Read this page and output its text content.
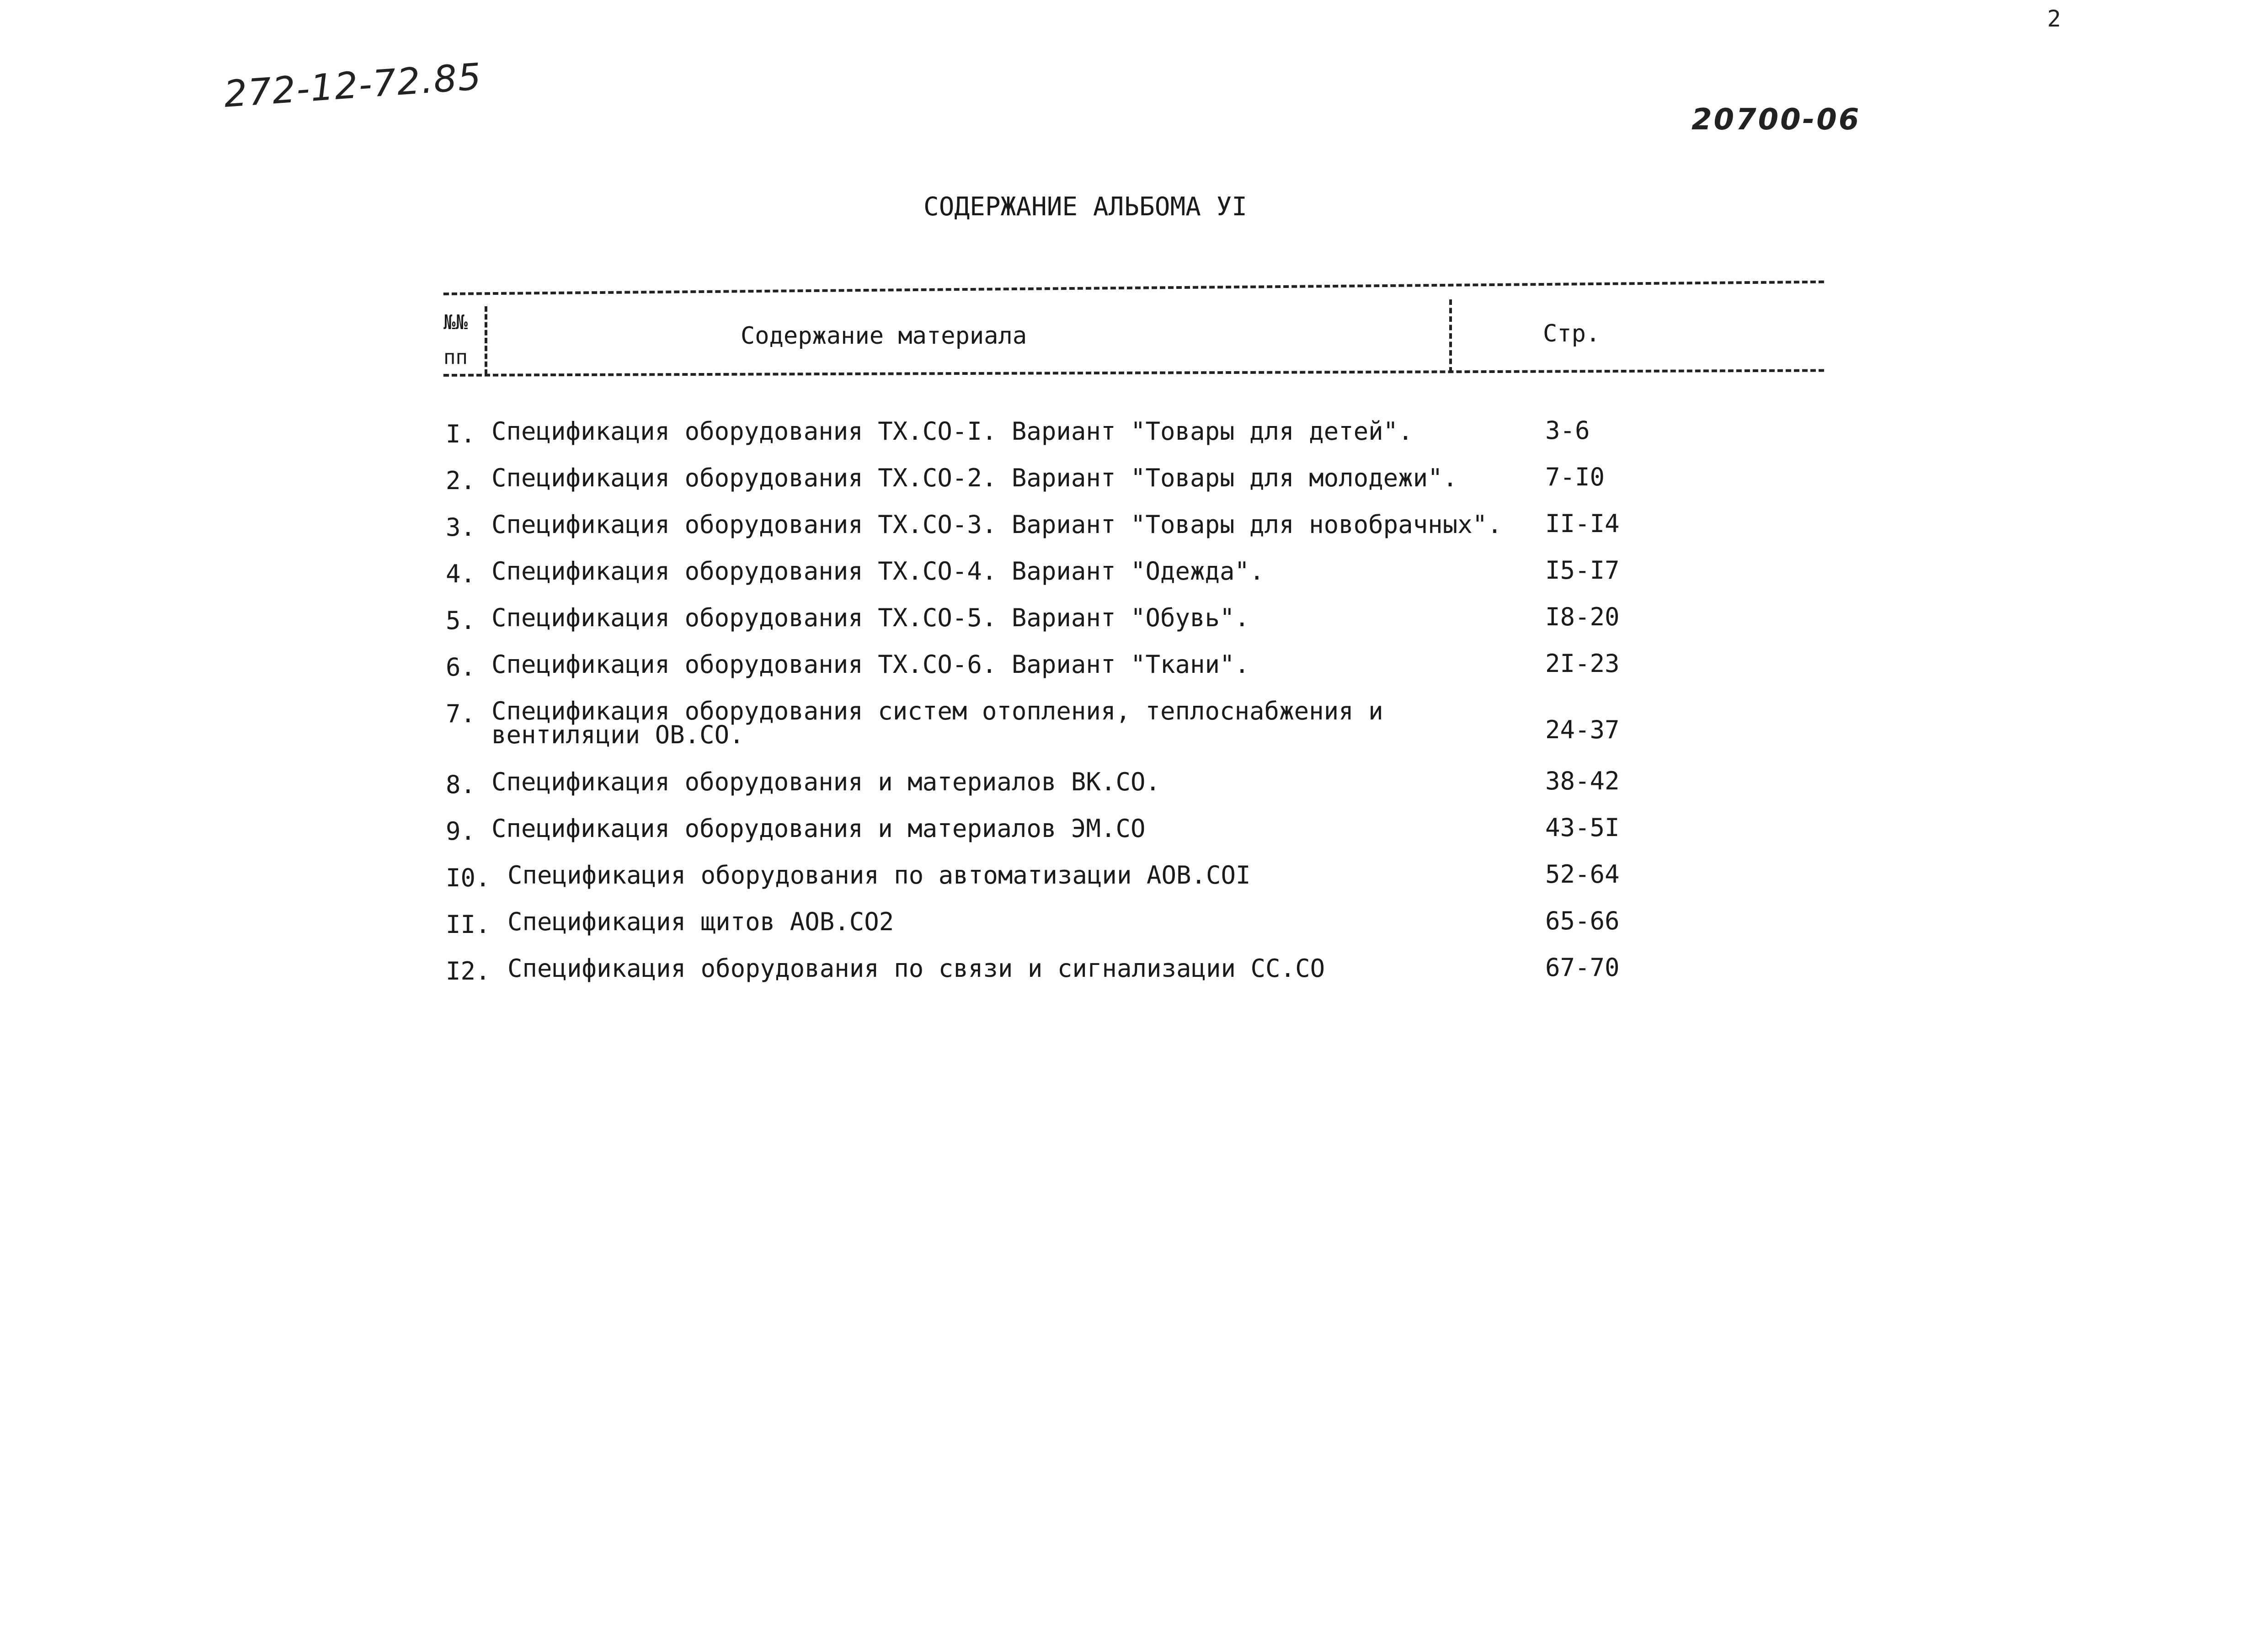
2
272-12-72.85
20700-06
СОДЕРЖАНИЕ АЛЬБОМА УI
№№ пп
Содержание материала	Стр.
I. Спецификация оборудования ТХ.СО-I. Вариант "Товары для детей".	3-6
2. Спецификация оборудования ТХ.СО-2. Вариант "Товары для молодежи".	7-I0
3. Спецификация оборудования ТХ.СО-3. Вариант "Товары для новобрачных". II-I4
4. Спецификация оборудования ТХ.СО-4. Вариант "Одежда".	I5-I7
5. Спецификация оборудования ТХ.СО-5. Вариант "Обувь".	I8-20
6. Спецификация оборудования ТХ.СО-6. Вариант "Ткани".	2I-23
7. Спецификация оборудования систем отопления, теплоснабжения и
вентиляции ОВ.СО.	24-37
8. Спецификация оборудования и материалов ВК.СО.	38-42
9. Спецификация оборудования и материалов ЭМ.СО	43-5I
I0. Спецификация оборудования по автоматизации АОВ.СОI	52-64
II. Спецификация щитов АОВ.СО2	65-66
I2. Спецификация оборудования по связи и сигнализации СС.СО	67-70
